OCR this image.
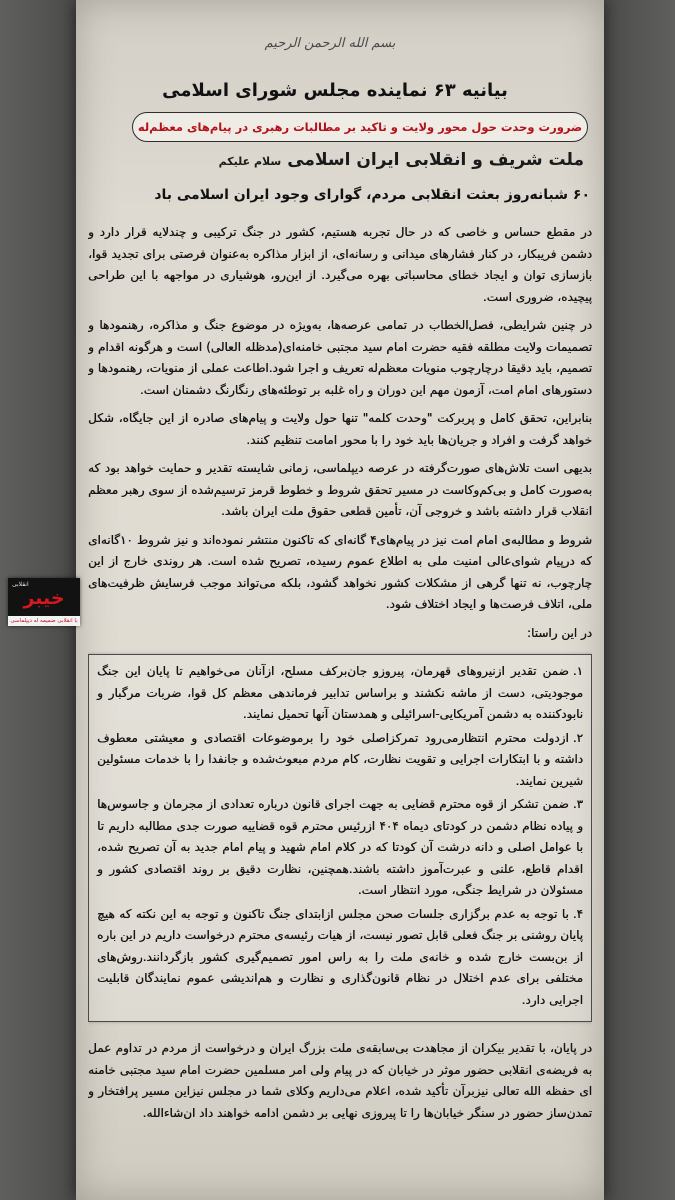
بسم الله الرحمن الرحیم
بیانیه ۶۳ نماینده مجلس شورای اسلامی
ضرورت وحدت حول محور ولایت و تاکید بر مطالبات رهبری در پیام‌های معظم‌له
ملت شریف و انقلابی ایران اسلامی
سلام علیکم
۶۰ شبانه‌روز بعثت انقلابی مردم، گوارای وجود ایران اسلامی باد

در مقطع حساس و خاصی که در حال تجربه هستیم، کشور در جنگ ترکیبی و چندلایه قرار دارد و دشمن فریبکار، در کنار فشارهای میدانی و رسانه‌ای، از ابزار مذاکره به‌عنوان فرصتی برای تجدید قوا، بازسازی توان و ایجاد خطای محاسباتی بهره می‌گیرد. از این‌رو، هوشیاری در مواجهه با این طراحی پیچیده، ضروری است.

در چنین شرایطی، فصل‌الخطاب در تمامی عرصه‌ها، به‌ویژه در موضوع جنگ و مذاکره، رهنمودها و تصمیمات ولایت مطلقه فقیه حضرت امام سید مجتبی خامنه‌ای(مدظله العالی) است و هرگونه اقدام و تصمیم، باید دقیقا درچارچوب منویات معظم‌له تعریف و اجرا شود.اطاعت عملی از منویات، رهنمودها و دستورهای امام امت، آزمون مهم این دوران و راه غلبه بر توطئه‌های رنگارنگ دشمنان است.

بنابراین، تحقق کامل و پربرکت "وحدت کلمه" تنها حول ولایت و پیام‌های صادره از این جایگاه، شکل خواهد گرفت و افراد و جریان‌ها باید خود را با محور امامت تنظیم کنند.

بدیهی است تلاش‌های صورت‌گرفته در عرصه دیپلماسی، زمانی شایسته تقدیر و حمایت خواهد بود که به‌صورت کامل و بی‌کم‌وکاست در مسیر تحقق شروط و خطوط قرمز ترسیم‌شده از سوی رهبر معظم انقلاب قرار داشته باشد و خروجی آن، تأمین قطعی حقوق ملت ایران باشد.

شروط و مطالبه‌ی امام امت نیز در پیام‌های۴ گانه‌ای که تاکنون منتشر نموده‌اند و نیز شروط ۱۰گانه‌ای که درپیام شوای‌عالی امنیت ملی به اطلاع عموم رسیده، تصریح شده است. هر روندی خارج از این چارچوب، نه تنها گرهی از مشکلات کشور نخواهد گشود، بلکه می‌تواند موجب فرسایش ظرفیت‌های ملی، اتلاف فرصت‌ها و ایجاد اختلاف شود.

در این راستا:

۱.ضمن تقدیر ازنیروهای قهرمان، پیروزو جان‌برکف مسلح، ازآنان می‌خواهیم تا پایان این جنگ موجودیتی، دست از ماشه نکشند و براساس تدابیر فرماندهی معظم کل قوا، ضربات مرگبار و نابودکننده به دشمن آمریکایی-اسرائیلی و همدستان آنها تحمیل نمایند.

۲.ازدولت محترم انتظارمی‌رود تمرکزاصلی خود را برموضوعات اقتصادی و معیشتی معطوف داشته و با ابتکارات اجرایی و تقویت نظارت، کام مردم مبعوث‌شده و جانفدا را با خدمات مسئولین شیرین نمایند.

۳.ضمن تشکر از قوه محترم قضایی به جهت اجرای قانون درباره تعدادی از مجرمان و جاسوس‌ها و پیاده نظام دشمن در کودتای دیماه ۴۰۴ ازرئیس محترم قوه قضاییه صورت جدی مطالبه داریم تا با عوامل اصلی و دانه درشت آن کودتا که در کلام امام شهید و پیام امام جدید به آن تصریح شده، اقدام قاطع، علنی و عبرت‌آموز داشته باشند.همچنین، نظارت دقیق بر روند اقتصادی کشور و مسئولان در شرایط جنگی، مورد انتظار است.

۴.با توجه به عدم برگزاری جلسات صحن مجلس ازابتدای جنگ تاکنون و توجه به این نکته که هیچ پایان روشنی بر جنگ فعلی قابل تصور نیست، از هیات رئیسه‌ی محترم درخواست داریم در این باره از بن‌بست خارج شده و خانه‌ی ملت را به راس امور تصمیم‌گیری کشور بازگردانند.روش‌های مختلفی برای عدم اختلال در نظام قانون‌گذاری و نظارت و هم‌اندیشی عموم نمایندگان قابلیت اجرایی دارد.

در پایان، با تقدیر بیکران از مجاهدت بی‌سابقه‌ی ملت بزرگ ایران و درخواست از مردم در تداوم عمل به فریضه‌ی انقلابی حضور موثر در خیابان که در پیام ولی امر مسلمین حضرت امام سید مجتبی خامنه ای حفظه الله تعالی نیزبرآن تأکید شده، اعلام می‌داریم وکلای شما در مجلس نیزاین مسیر پرافتخار و تمدن‌ساز حضور در سنگر خیابان‌ها را تا پیروزی نهایی بر دشمن ادامه خواهند داد ان‌شاءالله.

انقلابی
خیبر
با انقلابی ضمیمه له دیپلماسی
